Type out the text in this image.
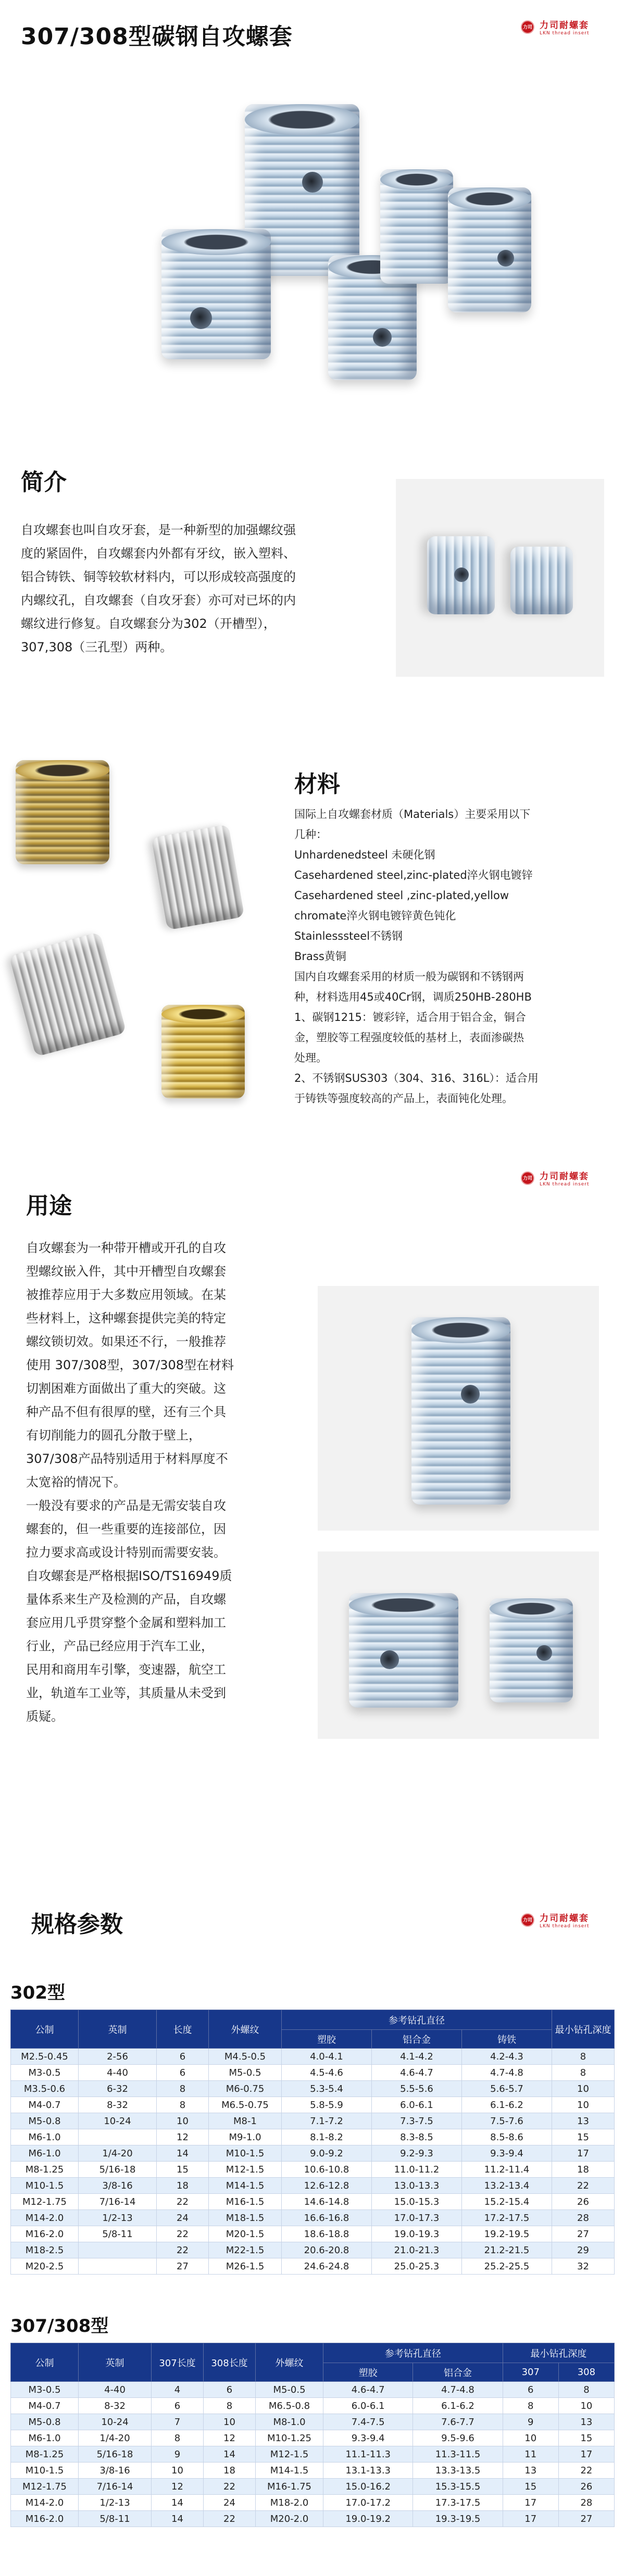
307/308型碳钢自攻螺套	力司 力司耐螺套
LKN thread insert
简介

自攻螺套也叫自攻牙套，是一种新型的加强螺纹强

度的紧固件，自攻螺套内外都有牙纹，嵌入塑料、

铝合铸铁、铜等较软材料内，可以形成较高强度的

内螺纹孔，自攻螺套（自攻牙套）亦可对已坏的内

螺纹进行修复。自攻螺套分为302（开槽型），

307,308（三孔型）两种。

材料

国际上自攻螺套材质（Materials）主要采用以下

几种：

Unhardenedsteel 未硬化钢

Casehardened steel,zinc-plated淬火钢电镀锌

Casehardened steel ,zinc-plated,yellow

chromate淬火钢电镀锌黄色钝化

Stainlesssteel不锈钢

Brass黄铜

国内自攻螺套采用的材质一般为碳钢和不锈钢两

种，材料选用45或40Cr钢，调质250HB-280HB

1、碳钢1215：镀彩锌，适合用于铝合金，铜合

金，塑胶等工程强度较低的基材上，表面渗碳热

处理。

2、不锈钢SUS303（304、316、316L）：适合用

于铸铁等强度较高的产品上，表面钝化处理。

用途
力司 力司耐螺套
LKN thread insert

自攻螺套为一种带开槽或开孔的自攻

型螺纹嵌入件，其中开槽型自攻螺套

被推荐应用于大多数应用领域。在某

些材料上，这种螺套提供完美的特定

螺纹锁切效。如果还不行，一般推荐

使用 307/308型，307/308型在材料

切割困难方面做出了重大的突破。这

种产品不但有很厚的壁，还有三个具

有切削能力的圆孔分散于壁上，

307/308产品特别适用于材料厚度不

太宽裕的情况下。

一般没有要求的产品是无需安装自攻

螺套的，但一些重要的连接部位，因

拉力要求高或设计特别而需要安装。

自攻螺套是严格根据ISO/TS16949质

量体系来生产及检测的产品，自攻螺

套应用几乎贯穿整个金属和塑料加工

行业，产品已经应用于汽车工业，

民用和商用车引擎，变速器，航空工

业，轨道车工业等，其质量从未受到

质疑。

规格参数	力司 力司耐螺套
LKN thread insert
302型
公制	英制	长度	外螺纹	参考钻孔直径			最小钻孔深度
				塑胶	铝合金	铸铁	
M2.5-0.45	2-56	6	M4.5-0.5	4.0-4.1	4.1-4.2	4.2-4.3	8
M3-0.5	4-40	6	M5-0.5	4.5-4.6	4.6-4.7	4.7-4.8	8
M3.5-0.6	6-32	8	M6-0.75	5.3-5.4	5.5-5.6	5.6-5.7	10
M4-0.7	8-32	8	M6.5-0.75	5.8-5.9	6.0-6.1	6.1-6.2	10
M5-0.8	10-24	10	M8-1	7.1-7.2	7.3-7.5	7.5-7.6	13
M6-1.0		12	M9-1.0	8.1-8.2	8.3-8.5	8.5-8.6	15
M6-1.0	1/4-20	14	M10-1.5	9.0-9.2	9.2-9.3	9.3-9.4	17
M8-1.25	5/16-18	15	M12-1.5	10.6-10.8	11.0-11.2	11.2-11.4	18
M10-1.5	3/8-16	18	M14-1.5	12.6-12.8	13.0-13.3	13.2-13.4	22
M12-1.75	7/16-14	22	M16-1.5	14.6-14.8	15.0-15.3	15.2-15.4	26
M14-2.0	1/2-13	24	M18-1.5	16.6-16.8	17.0-17.3	17.2-17.5	28
M16-2.0	5/8-11	22	M20-1.5	18.6-18.8	19.0-19.3	19.2-19.5	27
M18-2.5		22	M22-1.5	20.6-20.8	21.0-21.3	21.2-21.5	29
M20-2.5		27	M26-1.5	24.6-24.8	25.0-25.3	25.2-25.5	32
307/308型
公制	英制	307长度	308长度	外螺纹	参考钻孔直径		最小钻孔深度	
					塑胶	铝合金	307	308
M3-0.5	4-40	4	6	M5-0.5	4.6-4.7	4.7-4.8	6	8
M4-0.7	8-32	6	8	M6.5-0.8	6.0-6.1	6.1-6.2	8	10
M5-0.8	10-24	7	10	M8-1.0	7.4-7.5	7.6-7.7	9	13
M6-1.0	1/4-20	8	12	M10-1.25	9.3-9.4	9.5-9.6	10	15
M8-1.25	5/16-18	9	14	M12-1.5	11.1-11.3	11.3-11.5	11	17
M10-1.5	3/8-16	10	18	M14-1.5	13.1-13.3	13.3-13.5	13	22
M12-1.75	7/16-14	12	22	M16-1.75	15.0-16.2	15.3-15.5	15	26
M14-2.0	1/2-13	14	24	M18-2.0	17.0-17.2	17.3-17.5	17	28
M16-2.0	5/8-11	14	22	M20-2.0	19.0-19.2	19.3-19.5	17	27
